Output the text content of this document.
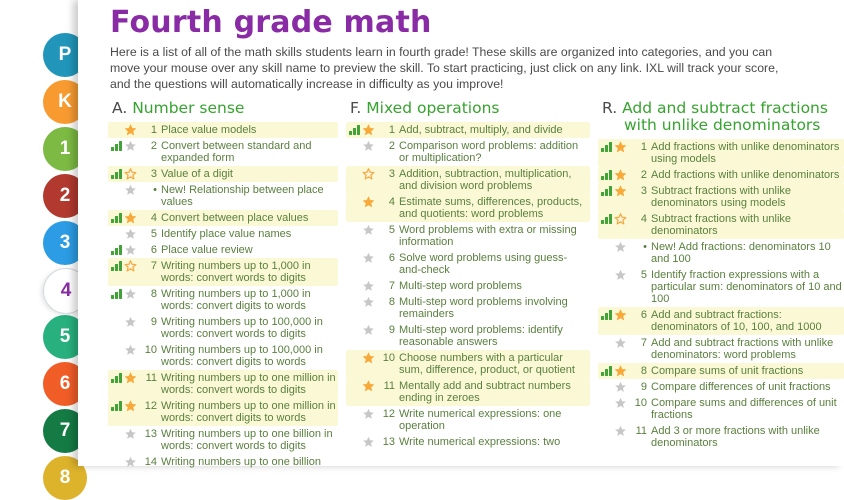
P
K
1
2
3
4
5
6
7
8
Fourth grade math

Here is a list of all of the math skills students learn in fourth grade! These skills are organized into categories, and you can move your mouse over any skill name to preview the skill. To start practicing, just click on any link. IXL will track your score, and the questions will automatically increase in difficulty as you improve!

A. Number sense
1 Place value models
2 Convert between standard and expanded form
3 Value of a digit
• New! Relationship between place values
4 Convert between place values
5 Identify place value names
6 Place value review
7 Writing numbers up to 1,000 in words: convert words to digits
8 Writing numbers up to 1,000 in words: convert digits to words
9 Writing numbers up to 100,000 in words: convert words to digits
10 Writing numbers up to 100,000 in words: convert digits to words
11 Writing numbers up to one million in words: convert words to digits
12 Writing numbers up to one million in words: convert digits to words
13 Writing numbers up to one billion in words: convert words to digits
14 Writing numbers up to one billion
F. Mixed operations
1 Add, subtract, multiply, and divide
2 Comparison word problems: addition or multiplication?
3 Addition, subtraction, multiplication, and division word problems
4 Estimate sums, differences, products, and quotients: word problems
5 Word problems with extra or missing information
6 Solve word problems using guess-and-check
7 Multi-step word problems
8 Multi-step word problems involving remainders
9 Multi-step word problems: identify reasonable answers
10 Choose numbers with a particular sum, difference, product, or quotient
11 Mentally add and subtract numbers ending in zeroes
12 Write numerical expressions: one operation
13 Write numerical expressions: two
R. Add and subtract fractions with unlike denominators
1 Add fractions with unlike denominators using models
2 Add fractions with unlike denominators
3 Subtract fractions with unlike denominators using models
4 Subtract fractions with unlike denominators
• New! Add fractions: denominators 10 and 100
5 Identify fraction expressions with a particular sum: denominators of 10 and 100
6 Add and subtract fractions: denominators of 10, 100, and 1000
7 Add and subtract fractions with unlike denominators: word problems
8 Compare sums of unit fractions
9 Compare differences of unit fractions
10 Compare sums and differences of unit fractions
11 Add 3 or more fractions with unlike denominators
